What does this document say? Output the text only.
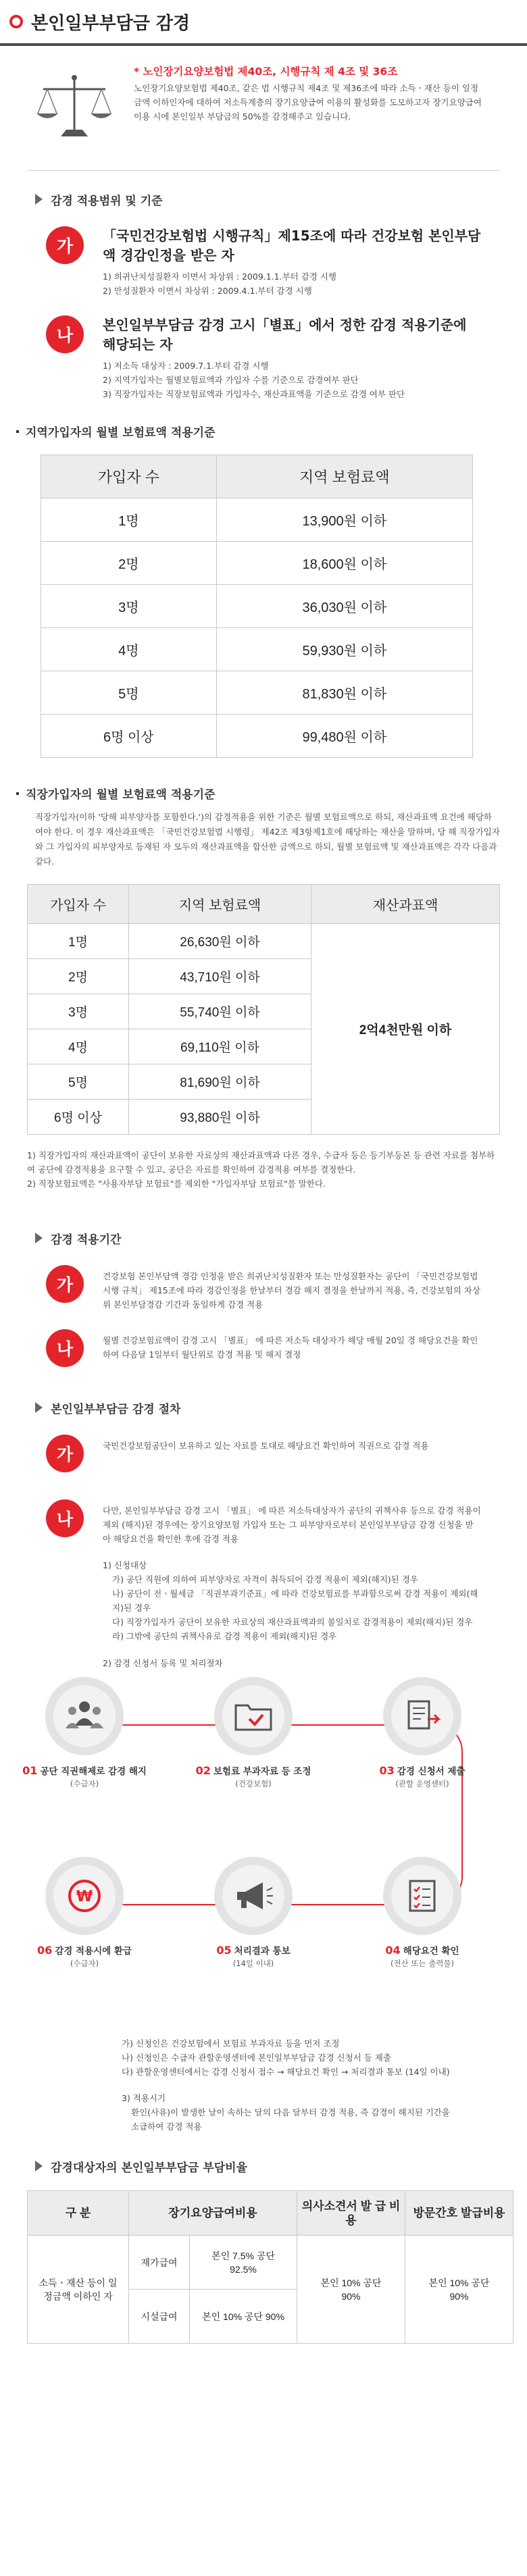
본인일부부담금 감경

* 노인장기요양보험법 제40조, 시행규칙 제 4조 및 36조

노인장기요양보험법 제40조, 같은 법 시행규칙 제4조 및 제36조에 따라 소득ㆍ재산 등이 일정금액 이하인자에 대하여 저소득계층의 장기요양급여 이용의 활성화를 도모하고자 장기요양급여이용 시에 본인일부 부담금의 50%를 감경해주고 있습니다.

감경 적용범위 및 기준
가

「국민건강보험법 시행규칙」제15조에 따라 건강보험 본인부담액 경감인정을 받은 자

1) 희귀난치성질환자 이면서 차상위 : 2009.1.1.부터 감경 시행
2) 만성질환자 이면서 차상위 : 2009.4.1.부터 감경 시행

나

본인일부부담금 감경 고시「별표」에서 정한 감경 적용기준에 해당되는 자

1) 저소득 대상자 : 2009.7.1.부터 감경 시행
2) 지역가입자는 월별보험료액과 가입자 수를 기준으로 감경여부 판단
3) 직장가입자는 직장보험료액과 가입자수, 재산과표액을 기준으로 감경 여부 판단

지역가입자의 월별 보험료액 적용기준
가입자 수	지역 보험료액
1명	13,900원 이하
2명	18,600원 이하
3명	36,030원 이하
4명	59,930원 이하
5명	81,830원 이하
6명 이상	99,480원 이하
직장가입자의 월별 보험료액 적용기준

직장가입자(이하 '당해 피부양자를 포함한다.')의 감경적용을 위한 기준은 월별 보험료액으로 하되, 재산과표액 요건에 해당하여야 한다. 이 경우 재산과표액은 「국민건강보험법 시행령」 제42조 제3항제1호에 해당하는 재산을 말하며, 당 해 직장가입자와 그 가입자의 피부양자로 등재된 자 모두의 재산과표액을 합산한 금액으로 하되, 월별 보험료액 및 재산과표액은 각각 다음과 같다.

가입자 수	지역 보험료액	재산과표액
1명	26,630원 이하	2억4천만원 이하
2명	43,710원 이하	
3명	55,740원 이하	
4명	69,110원 이하	
5명	81,690원 이하	
6명 이상	93,880원 이하	

1) 직장가입자의 재산과표액이 공단이 보유한 자료상의 재산과표액과 다른 경우, 수급자 등은 등기부등본 등 관련 자료를 첨부하여 공단에 감경적용을 요구할 수 있고, 공단은 자료를 확인하여 감경적용 여부를 결정한다.

2) 직장보험료액은 "사용자부담 보험료"를 제외한 "가입자부담 보험료"를 말한다.

감경 적용기간
가	건강보험 본인부담액 경감 인정을 받은 희귀난치성질환자 또는 만성질환자는 공단이 「국민건강보험법 시행 규칙」 제15조에 따라 경감인정을 한날부터 경감 해지 결정을 한날까지 적용, 즉, 건강보험의 차상위 본인부담경감 기간과 동일하게 감경 적용

나	월별 건강보험료액이 감경 고시 「별표」 에 따른 저소득 대상자가 해당 매월 20일 경 해당요건을 확인하여 다음달 1일부터 월단위로 감경 적용 및 해지 결정

본인일부부담금 감경 절차
가	국민건강보험공단이 보유하고 있는 자료를 토대로 해당요건 확인하여 직권으로 감경 적용

나	다만, 본인일부부담금 감경 고시 「별표」 에 따른 저소득대상자가 공단의 귀책사유 등으로 감경 적용이 제외 (해지)된 경우에는 장기요양보험 가입자 또는 그 피부양자로부터 본인일부부담금 감경 신청을 받아 해당요건을 확인한 후에 감경 적용

1) 신청대상

가) 공단 직원에 의하여 피부양자로 자격이 취득되어 감경 적용이 제외(해지)된 경우

나) 공단이 전ㆍ월세금 「직권부과기준표」에 따라 건강보험료를 부과함으로써 감경 적용이 제외(해지)된 경우

다) 직장가입자가 공단이 보유한 자료상의 재산과표액과의 불일치로 감경적용이 제외(해지)된 경우

라) 그밖에 공단의 귀책사유로 감경 적용이 제외(해지)된 경우

2) 감경 신청서 등록 및 처리절차

01 공단 직권해제로 감경 해지

(수급자)

02 보험료 부과자료 등 조정

(건강보험)

03 감경 신청서 제출

(관할 운영센터)

04 해당요건 확인

(전산 또는 출력물)

05 처리결과 통보

(14일 이내)

₩

06 감경 적용시에 환급

(수급자)

가) 신청인은 건강보험에서 보험료 부과자료 등을 먼저 조정

나) 신청인은 수급자 관할운영센터에 본인일부부담금 감경 신청서 등 제출

다) 관할운영센터에서는 감경 신청서 접수 → 해당요건 확인 → 처리결과 통보 (14일 이내)

3) 적용시기

환인(사유)이 발생한 날이 속하는 달의 다음 달부터 감경 적용, 즉 감경이 해지된 기간을 소급하여 감경 적용

감경대상자의 본인일부부담금 부담비율
구 분	장기요양급여비용		의사소견서 발 급 비 용	방문간호 발급비용
소득ㆍ재산 등이 일정금액 이하인 자	재가급여	본인 7.5% 공단 92.5%	본인 10% 공단 90%	본인 10% 공단 90%
	시설급여	본인 10% 공단 90%		
